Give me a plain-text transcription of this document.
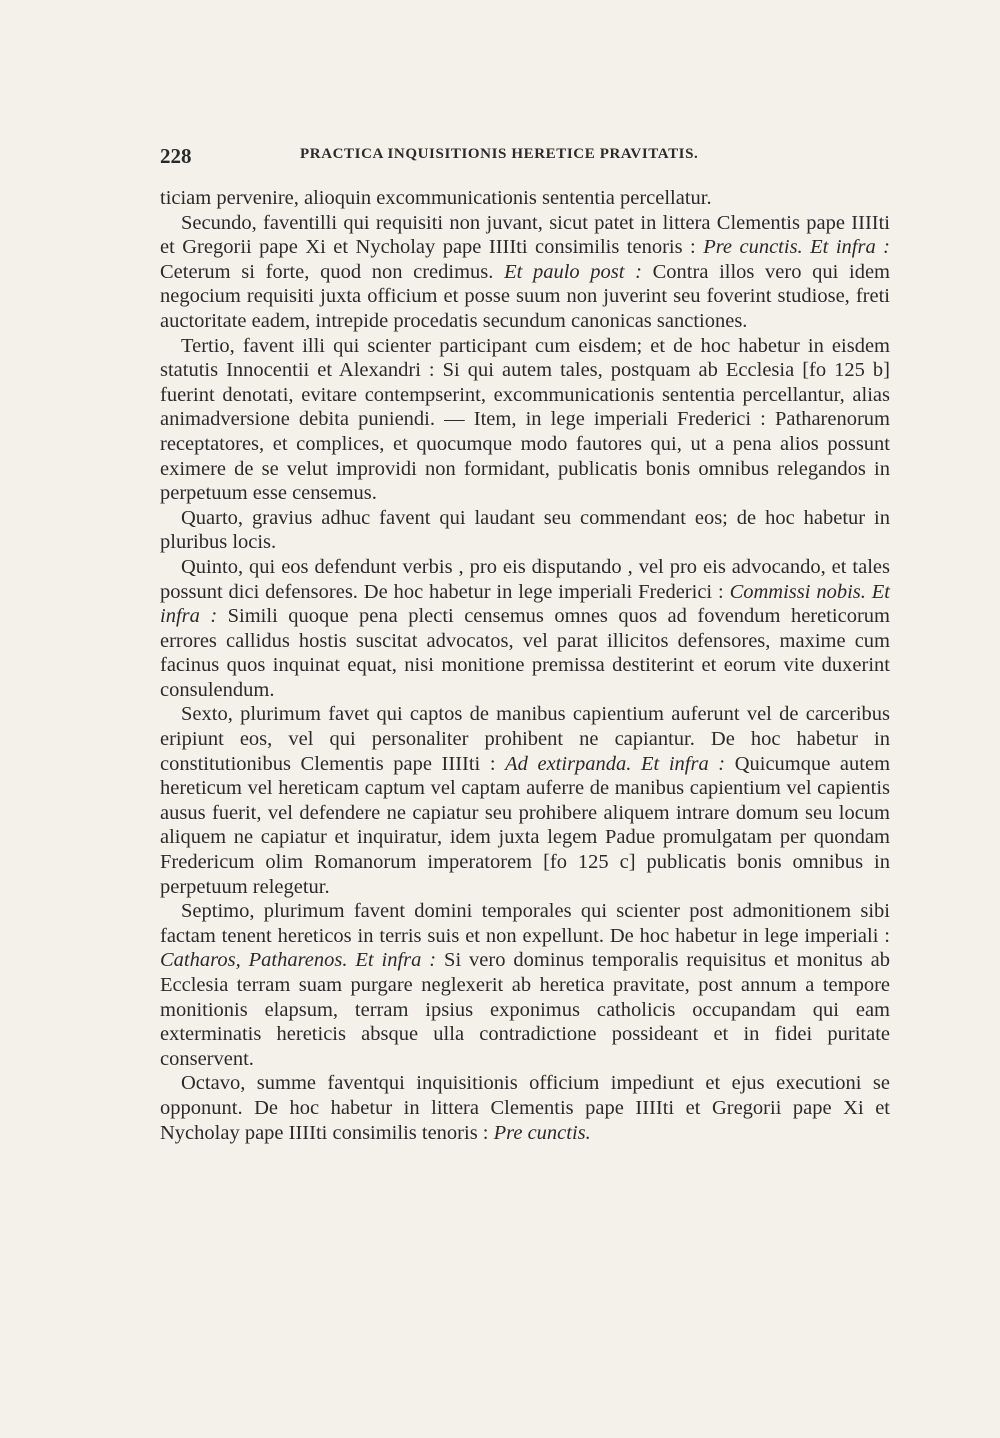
228	PRACTICA INQUISITIONIS HERETICE PRAVITATIS.

ticiam pervenire, alioquin excommunicationis sententia percellatur.

Secundo, faventilli qui requisiti non juvant, sicut patet in littera Clementis pape IIIIti et Gregorii pape Xi et Nycholay pape IIIIti consimilis tenoris : Pre cunctis. Et infra : Ceterum si forte, quod non credimus. Et paulo post : Contra illos vero qui idem negocium requisiti juxta officium et posse suum non juverint seu foverint studiose, freti auctoritate eadem, intrepide procedatis secundum canonicas sanctiones.

Tertio, favent illi qui scienter participant cum eisdem; et de hoc habetur in eisdem statutis Innocentii et Alexandri : Si qui autem tales, postquam ab Ecclesia [fo 125 b] fuerint denotati, evitare contempserint, excommunicationis sententia percellantur, alias animadversione debita puniendi. — Item, in lege imperiali Frederici : Patharenorum receptatores, et complices, et quocumque modo fautores qui, ut a pena alios possunt eximere de se velut improvidi non formidant, publicatis bonis omnibus relegandos in perpetuum esse censemus.

Quarto, gravius adhuc favent qui laudant seu commendant eos; de hoc habetur in pluribus locis.

Quinto, qui eos defendunt verbis , pro eis disputando , vel pro eis advocando, et tales possunt dici defensores. De hoc habetur in lege imperiali Frederici : Commissi nobis. Et infra : Simili quoque pena plecti censemus omnes quos ad fovendum hereticorum errores callidus hostis suscitat advocatos, vel parat illicitos defensores, maxime cum facinus quos inquinat equat, nisi monitione premissa destiterint et eorum vite duxerint consulendum.

Sexto, plurimum favet qui captos de manibus capientium auferunt vel de carceribus eripiunt eos, vel qui personaliter prohibent ne capiantur. De hoc habetur in constitutionibus Clementis pape IIIIti : Ad extirpanda. Et infra : Quicumque autem hereticum vel hereticam captum vel captam auferre de manibus capientium vel capientis ausus fuerit, vel defendere ne capiatur seu prohibere aliquem intrare domum seu locum aliquem ne capiatur et inquiratur, idem juxta legem Padue promulgatam per quondam Fredericum olim Romanorum imperatorem [fo 125 c] publicatis bonis omnibus in perpetuum relegetur.

Septimo, plurimum favent domini temporales qui scienter post admonitionem sibi factam tenent hereticos in terris suis et non expellunt. De hoc habetur in lege imperiali : Catharos, Patharenos. Et infra : Si vero dominus temporalis requisitus et monitus ab Ecclesia terram suam purgare neglexerit ab heretica pravitate, post annum a tempore monitionis elapsum, terram ipsius exponimus catholicis occupandam qui eam exterminatis hereticis absque ulla contradictione possideant et in fidei puritate conservent.

Octavo, summe faventqui inquisitionis officium impediunt et ejus executioni se opponunt. De hoc habetur in littera Clementis pape IIIIti et Gregorii pape Xi et Nycholay pape IIIIti consimilis tenoris : Pre cunctis.
